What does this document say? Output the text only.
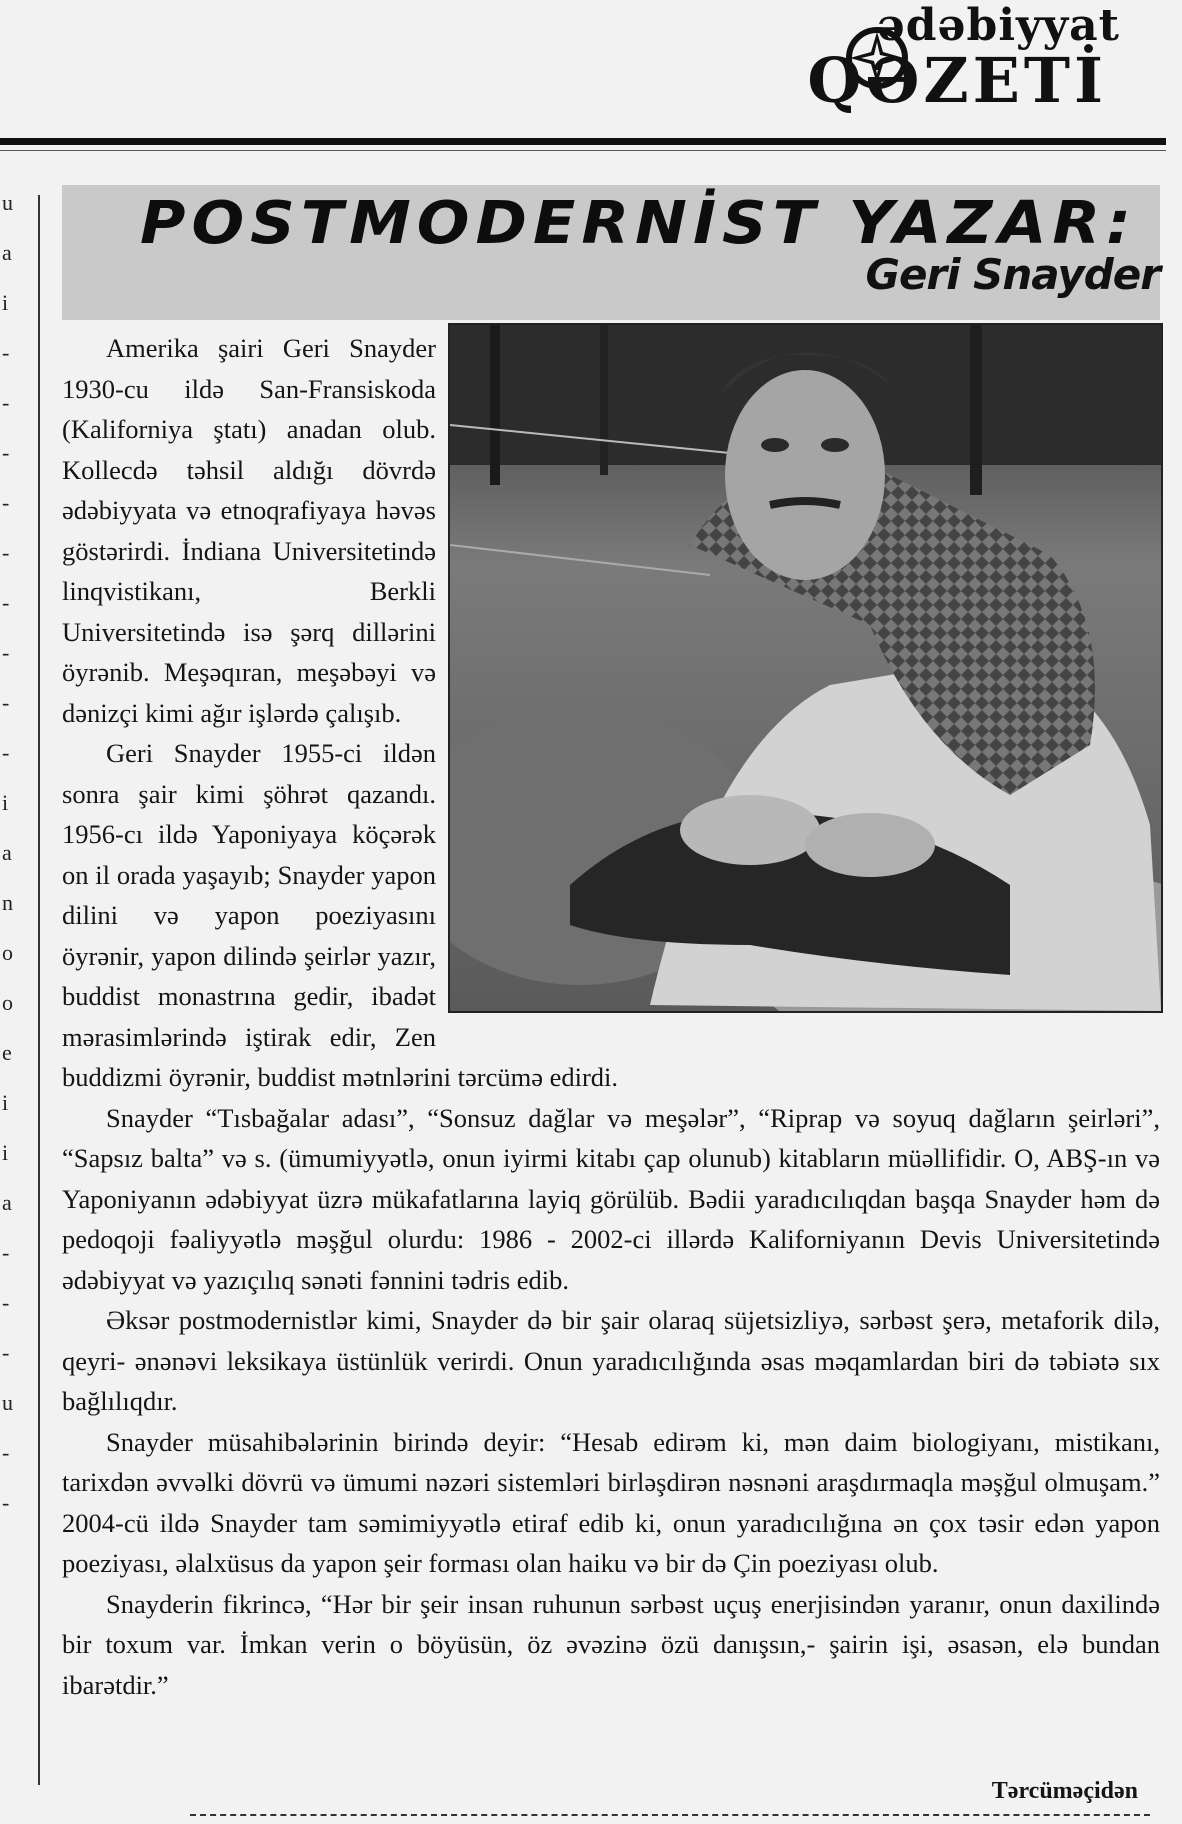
ədəbiyyat
QƏZETİ
u
a
i
-
-
-
-
-
-
-
-
-
i
a
n
o
o
e
i
i
a
-
-
-
u
-
-
POSTMODERNİST YAZAR:
Geri Snayder

Amerika şairi Geri Snayder 1930-cu ildə San-Fransiskoda (Kaliforniya ştatı) anadan olub. Kollecdə təhsil aldığı dövrdə ədəbiyyata və etnoqrafiyaya həvəs göstərirdi. İndiana Universitetində linqvistikanı, Berkli Universitetində isə şərq dillərini öyrənib. Meşəqıran, meşəbəyi və dənizçi kimi ağır işlərdə çalışıb.

Geri Snayder 1955-ci ildən sonra şair kimi şöhrət qazandı. 1956-cı ildə Yaponiyaya köçərək on il orada yaşayıb; Snayder yapon dilini və yapon poeziyasını öyrənir, yapon dilində şeirlər yazır, buddist monastrına gedir, ibadət mərasimlərində iştirak edir, Zen buddizmi öyrənir, buddist mətnlərini tərcümə edirdi.

Snayder “Tısbağalar adası”, “Sonsuz dağlar və meşələr”, “Riprap və soyuq dağların şeirləri”, “Sapsız balta” və s. (ümumiyyətlə, onun iyirmi kitabı çap olunub) kitabların müəllifidir. O, ABŞ-ın və Yaponiyanın ədəbiyyat üzrə mükafatlarına layiq görülüb. Bədii yaradıcılıqdan başqa Snayder həm də pedoqoji fəaliyyətlə məşğul olurdu: 1986 - 2002-ci illərdə Kaliforniyanın Devis Universitetində ədəbiyyat və yazıçılıq sənəti fənnini tədris edib.

Əksər postmodernistlər kimi, Snayder də bir şair olaraq süjetsizliyə, sərbəst şerə, metaforik dilə, qeyri- ənənəvi leksikaya üstünlük verirdi. Onun yaradıcılığında əsas məqamlardan biri də təbiətə sıx bağlılıqdır.

Snayder müsahibələrinin birində deyir: “Hesab edirəm ki, mən daim biologiyanı, mistikanı, tarixdən əvvəlki dövrü və ümumi nəzəri sistemləri birləşdirən nəsnəni araşdırmaqla məşğul olmuşam.” 2004-cü ildə Snayder tam səmimiyyətlə etiraf edib ki, onun yaradıcılığına ən çox təsir edən yapon poeziyası, əlalxüsus da yapon şeir forması olan haiku və bir də Çin poeziyası olub.

Snayderin fikrincə, “Hər bir şeir insan ruhunun sərbəst uçuş enerjisindən yaranır, onun daxilində bir toxum var. İmkan verin o böyüsün, öz əvəzinə özü danışsın,- şairin işi, əsasən, elə bundan ibarətdir.”

Tərcüməçidən
